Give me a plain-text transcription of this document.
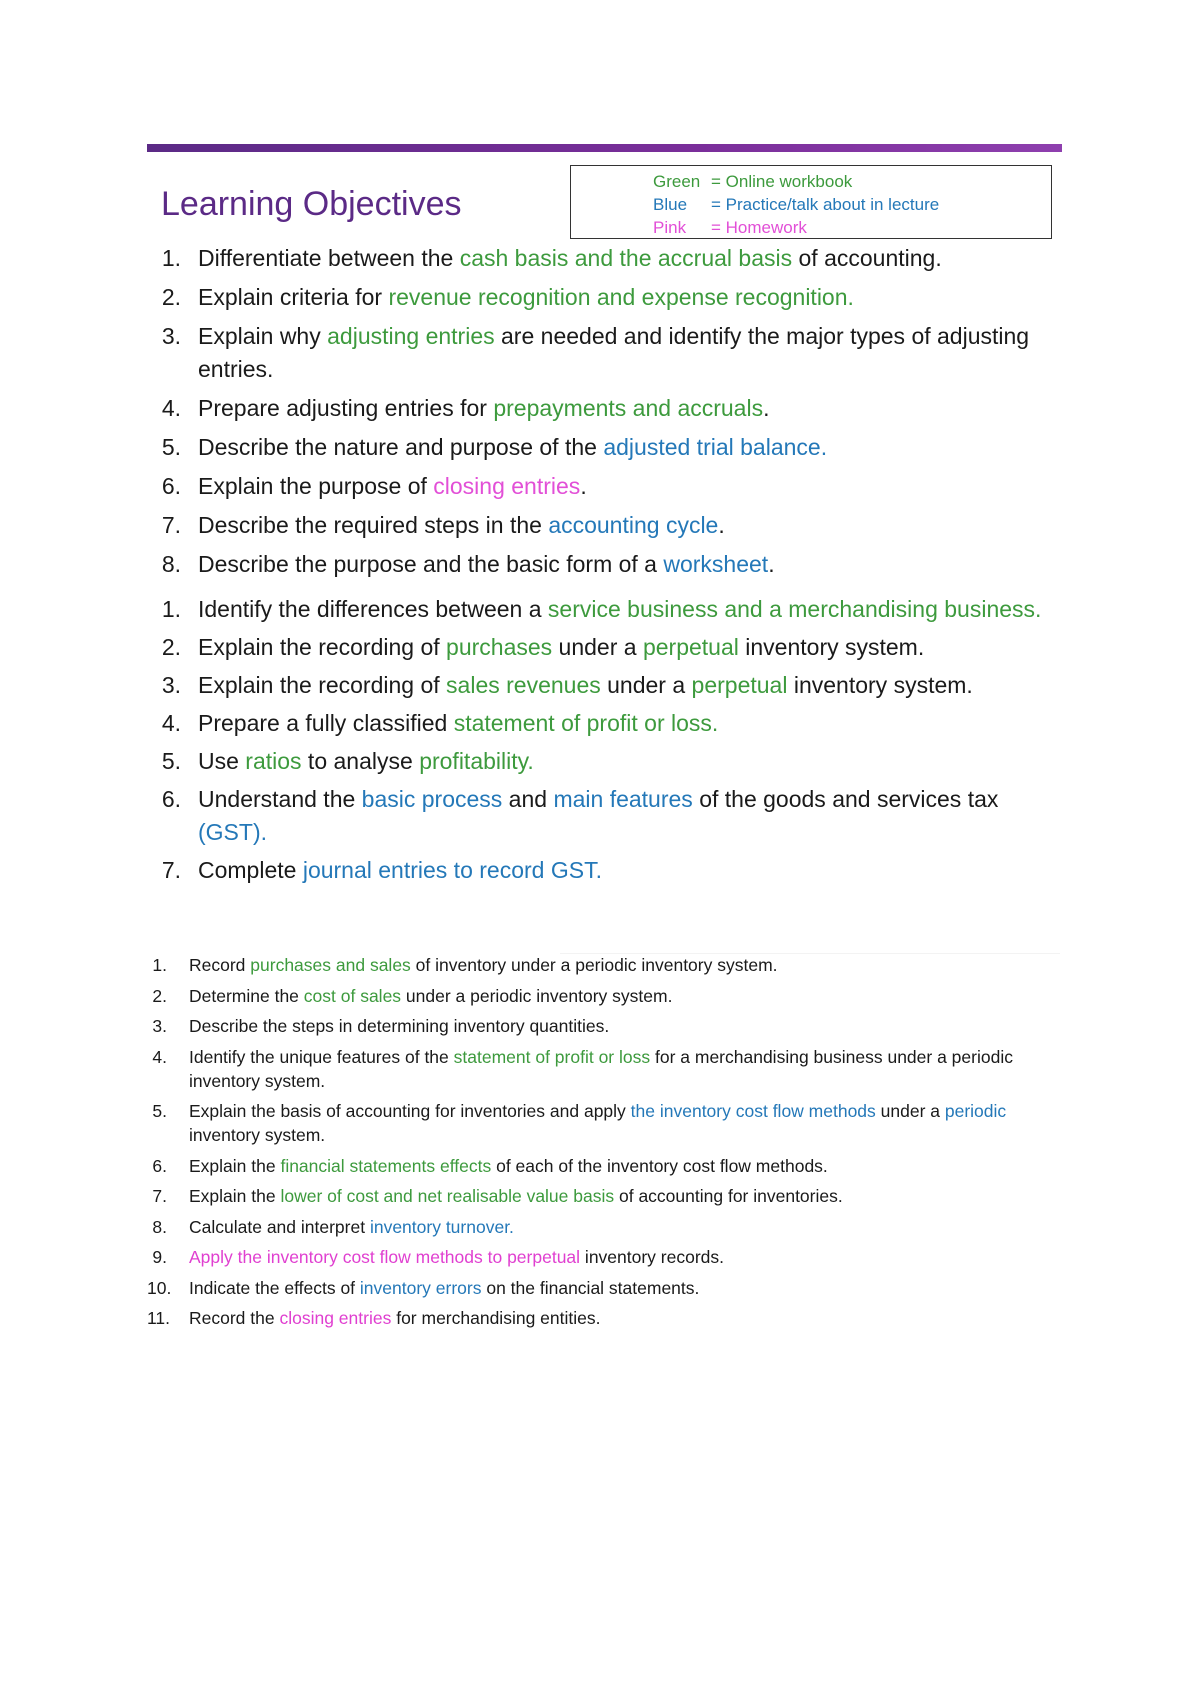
Learning Objectives
Green = Online workbook
Blue	= Practice/talk about in lecture
Pink	= Homework
1. Differentiate between the cash basis and the accrual basis of accounting.
2. Explain criteria for revenue recognition and expense recognition.
3. Explain why adjusting entries are needed and identify the major types of adjusting entries.
4. Prepare adjusting entries for prepayments and accruals.
5. Describe the nature and purpose of the adjusted trial balance.
6. Explain the purpose of closing entries.
7. Describe the required steps in the accounting cycle.
8. Describe the purpose and the basic form of a worksheet.
1. Identify the differences between a service business and a merchandising business.
2. Explain the recording of purchases under a perpetual inventory system.
3. Explain the recording of sales revenues under a perpetual inventory system.
4. Prepare a fully classified statement of profit or loss.
5. Use ratios to analyse profitability.
6. Understand the basic process and main features of the goods and services tax (GST).
7. Complete journal entries to record GST.
1. Record purchases and sales of inventory under a periodic inventory system.
2. Determine the cost of sales under a periodic inventory system.
3. Describe the steps in determining inventory quantities.
4. Identify the unique features of the statement of profit or loss for a merchandising business under a periodic inventory system.
5. Explain the basis of accounting for inventories and apply the inventory cost flow methods under a periodic inventory system.
6. Explain the financial statements effects of each of the inventory cost flow methods.
7. Explain the lower of cost and net realisable value basis of accounting for inventories.
8. Calculate and interpret inventory turnover.
9. Apply the inventory cost flow methods to perpetual inventory records.
10. Indicate the effects of inventory errors on the financial statements.
11. Record the closing entries for merchandising entities.
